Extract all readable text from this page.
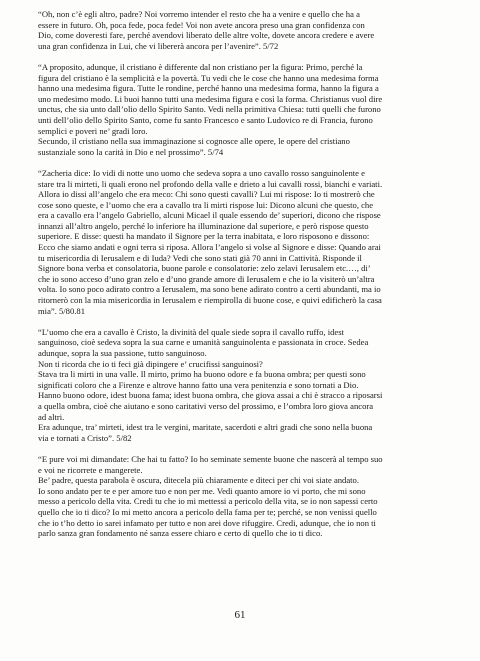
“Oh, non c’è egli altro, padre? Noi vorremo intender el resto che ha a venire e quello che ha a
essere in futuro. Oh, poca fede, poca fede! Voi non avete ancora preso una gran confidenza con
Dio, come doveresti fare, perché avendovi liberato delle altre volte, dovete ancora credere e avere
una gran confidenza in Lui, che vi libererà ancora per l’avenire”. 5/72

“A proposito, adunque, il cristiano è differente dal non cristiano per la figura: Primo, perché la
figura del cristiano è la semplicità e la povertà. Tu vedi che le cose che hanno una medesima forma
hanno una medesima figura. Tutte le rondine, perché hanno una medesima forma, hanno la figura a
uno medesimo modo. Li buoi hanno tutti una medesima figura e così la forma. Christianus vuol dire
unctus, che sia unto dall’olio dello Spirito Santo. Vedi nella primitiva Chiesa: tutti quelli che furono
unti dell’olio dello Spirito Santo, come fu santo Francesco e santo Ludovico re di Francia, furono
semplici e poveri ne’ gradi loro.
Secundo, il cristiano nella sua immaginazione si cognosce alle opere, le opere del cristiano
sustanziale sono la carità in Dio e nel prossimo”. 5/74

“Zacheria dice: Io vidi di notte uno uomo che sedeva sopra a uno cavallo rosso sanguinolente e
stare tra li mirteti, li quali erono nel profondo della valle e drieto a lui cavalli rossi, bianchi e variati.
Allora io dissi all’angelo che era meco: Chi sono questi cavalli? Lui mi rispose: Io ti mostrerò che
cose sono queste, e l’uomo che era a cavallo tra li mirti rispose lui: Dicono alcuni che questo, che
era a cavallo era l’angelo Gabriello, alcuni Micael il quale essendo de’ superiori, dicono che rispose
innanzi all’altro angelo, perché lo inferiore ha illuminazione dal superiore, e però rispose questo
superiore. E disse: questi ha mandato il Signore per la terra inabitata, e loro risposono e dissono:
Ecco che siamo andati e ogni terra si riposa. Allora l’angelo si volse al Signore e disse: Quando arai
tu misericordia di Ierusalem e di Iuda? Vedi che sono stati già 70 anni in Cattività. Risponde il
Signore bona verba et consolatoria, buone parole e consolatorie: zelo zelavi Ierusalem etc.…, di’
che io sono acceso d’uno gran zelo e d’uno grande amore di Ierusalem e che io la visiterò un’altra
volta. Io sono poco adirato contro a Ierusalem, ma sono bene adirato contro a certi abundanti, ma io
ritornerò con la mia misericordia in Ierusalem e riempirolla di buone cose, e quivi edificherò la casa
mia”. 5/80.81

“L’uomo che era a cavallo è Cristo, la divinità del quale siede sopra il cavallo ruffo, idest
sanguinoso, cioè sedeva sopra la sua carne e umanità sanguinolenta e passionata in croce. Sedea
adunque, sopra la sua passione, tutto sanguinoso.
Non ti ricorda che io ti feci già dipingere e’ crucifissi sanguinosi?
Stava tra li mirti in una valle. Il mirto, primo ha buono odore e fa buona ombra; per questi sono
significati coloro che a Firenze e altrove hanno fatto una vera penitenzia e sono tornati a Dio.
Hanno buono odore, idest buona fama; idest buona ombra, che giova assai a chi è stracco a riposarsi
a quella ombra, cioè che aiutano e sono caritativi verso del prossimo, e l’ombra loro giova ancora
ad altri.
Era adunque, tra’ mirteti, idest tra le vergini, maritate, sacerdoti e altri gradi che sono nella buona
via e tornati a Cristo”. 5/82

“E pure voi mi dimandate: Che hai tu fatto? Io ho seminate semente buone che nascerà al tempo suo
e voi ne ricorrete e mangerete.
Be’ padre, questa parabola è oscura, ditecela più chiaramente e diteci per chi voi siate andato.
Io sono andato per te e per amore tuo e non per me. Vedi quanto amore io vi porto, che mi sono
messo a pericolo della vita. Credi tu che io mi mettessi a pericolo della vita, se io non sapessi certo
quello che io ti dico? Io mi metto ancora a pericolo della fama per te; perché, se non venissi quello
che io t’ho detto io sarei infamato per tutto e non arei dove rifuggire. Credi, adunque, che io non ti
parlo sanza gran fondamento né sanza essere chiaro e certo di quello che io ti dico.

61
